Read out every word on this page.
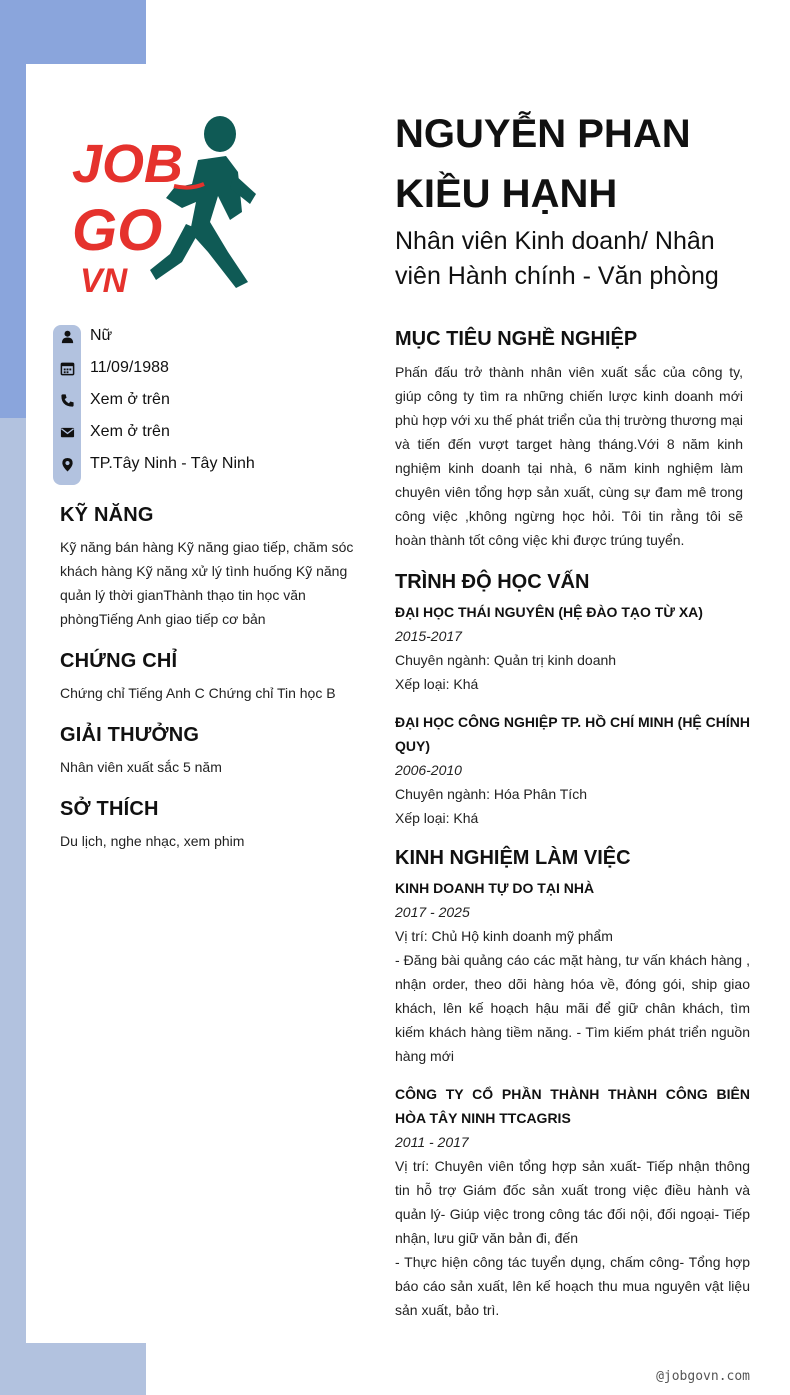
JOB
GO
VN
Nữ
11/09/1988
Xem ở trên
Xem ở trên
TP.Tây Ninh - Tây Ninh
KỸ NĂNG
Kỹ năng bán hàng Kỹ năng giao tiếp, chăm sóc khách hàng Kỹ năng xử lý tình huống Kỹ năng quản lý thời gianThành thạo tin học văn phòngTiếng Anh giao tiếp cơ bản
CHỨNG CHỈ
Chứng chỉ Tiếng Anh C Chứng chỉ Tin học B
GIẢI THƯỞNG
Nhân viên xuất sắc 5 năm
SỞ THÍCH
Du lịch, nghe nhạc, xem phim
NGUYỄN PHAN KIỀU HẠNH
Nhân viên Kinh doanh/ Nhân viên Hành chính - Văn phòng
MỤC TIÊU NGHỀ NGHIỆP
Phấn đấu trở thành nhân viên xuất sắc của công ty, giúp công ty tìm ra những chiến lược kinh doanh mới phù hợp với xu thế phát triển của thị trường thương mại và tiến đến vượt target hàng tháng.Với 8 năm kinh nghiệm kinh doanh tại nhà, 6 năm kinh nghiệm làm chuyên viên tổng hợp sản xuất, cùng sự đam mê trong công việc ,không ngừng học hỏi. Tôi tin rằng tôi sẽ hoàn thành tốt công việc khi được trúng tuyển.
TRÌNH ĐỘ HỌC VẤN
ĐẠI HỌC THÁI NGUYÊN (HỆ ĐÀO TẠO TỪ XA)
2015-2017
Chuyên ngành: Quản trị kinh doanh
Xếp loại: Khá
ĐẠI HỌC CÔNG NGHIỆP TP. HỒ CHÍ MINH (HỆ CHÍNH QUY)
2006-2010
Chuyên ngành: Hóa Phân Tích
Xếp loại: Khá
KINH NGHIỆM LÀM VIỆC
KINH DOANH TỰ DO TẠI NHÀ
2017 - 2025
Vị trí: Chủ Hộ kinh doanh mỹ phẩm
- Đăng bài quảng cáo các mặt hàng, tư vấn khách hàng , nhận order, theo dõi hàng hóa về, đóng gói, ship giao khách, lên kế hoạch hậu mãi để giữ chân khách, tìm kiếm khách hàng tiềm năng. - Tìm kiếm phát triển nguồn hàng mới
CÔNG TY CỔ PHẦN THÀNH THÀNH CÔNG BIÊN HÒA TÂY NINH TTCAGRIS
2011 - 2017
Vị trí: Chuyên viên tổng hợp sản xuất- Tiếp nhận thông tin hỗ trợ Giám đốc sản xuất trong việc điều hành và quản lý- Giúp việc trong công tác đối nội, đối ngoại- Tiếp nhận, lưu giữ văn bản đi, đến
- Thực hiện công tác tuyển dụng, chấm công- Tổng hợp báo cáo sản xuất, lên kế hoạch thu mua nguyên vật liệu sản xuất, bảo trì.
@jobgovn.com
